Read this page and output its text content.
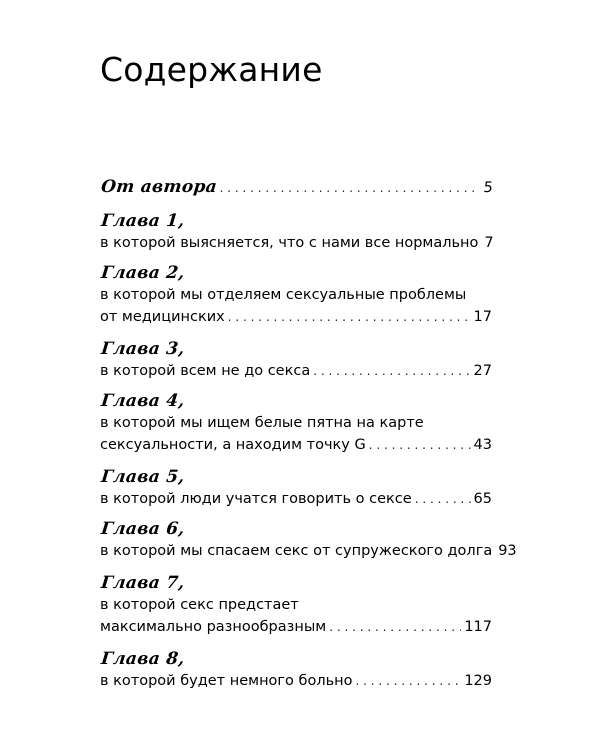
Содержание
От автора . . .	5
Глава 1,
в которой выясняется, что с нами все нормально 7
Глава 2,
в которой мы отделяем сексуальные проблемы
от медицинских . . .	17
Глава 3,
в которой всем не до секса . . .	27
Глава 4,
в которой мы ищем белые пятна на карте
сексуальности, а находим точку G . . .	43
Глава 5,
в которой люди учатся говорить о сексе . . .	65
Глава 6,
в которой мы спасаем секс от супружеского долга 93
Глава 7,
в которой секс предстает
максимально разнообразным . . .	117
Глава 8,
в которой будет немного больно . . .	129
